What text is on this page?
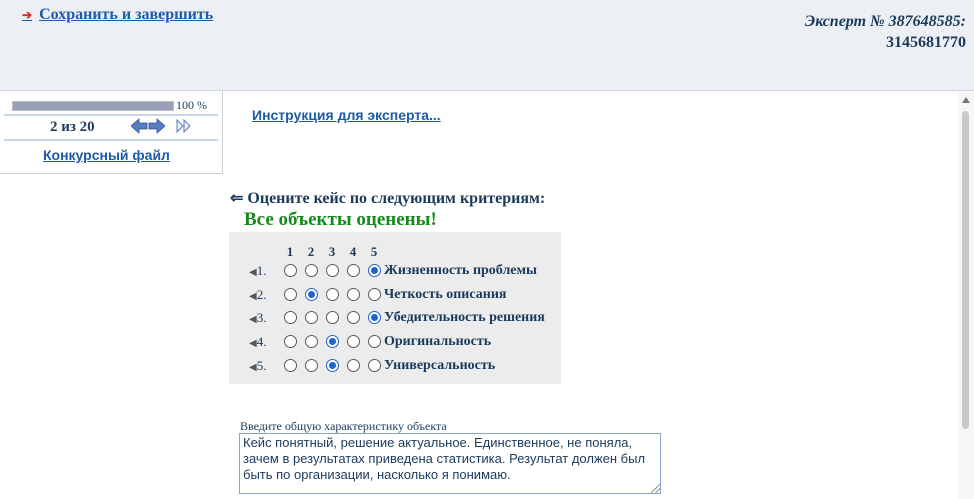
➔ Сохранить и завершить	Эксперт № 387648585:
3145681770
100 %
2 из 20
Конкурсный файл
Инструкция для эксперта...
⇐ Оцените кейс по следующим критериям:
Все объекты оценены!
1 2 3 4 5
◀1.	Жизненность проблемы
◀2.	Четкость описания
◀3.	Убедительность решения
◀4.	Оригинальность
◀5.	Универсальность
Введите общую характеристику объекта
Кейс понятный, решение актуальное. Единственное, не поняла, зачем в результатах приведена статистика. Результат должен был быть по организации, насколько я понимаю.
